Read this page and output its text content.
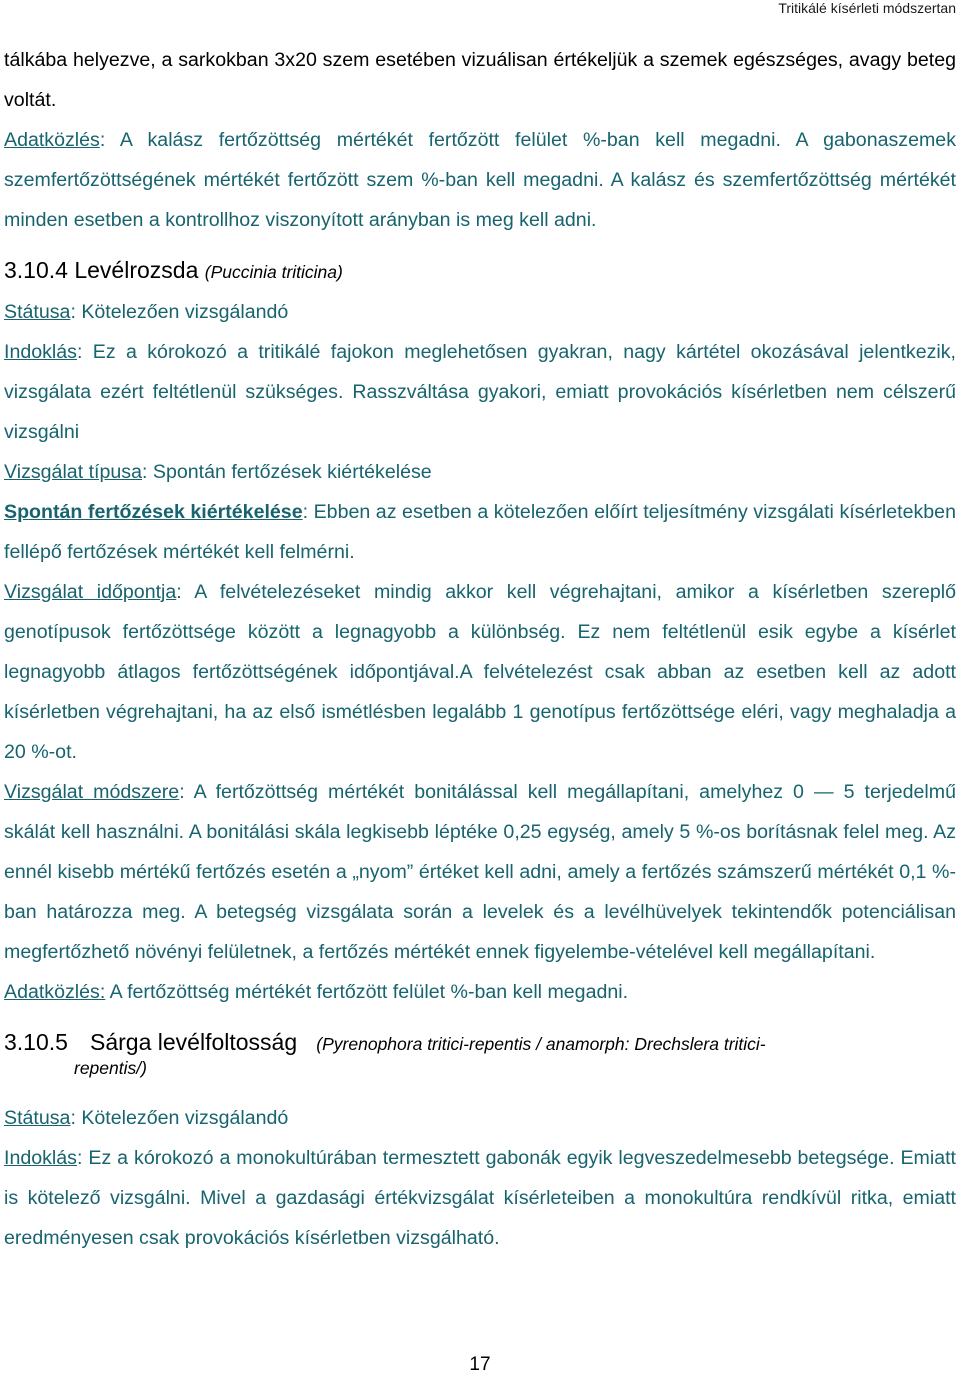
Tritikálé kísérleti módszertan

tálkába helyezve, a sarkokban 3x20 szem esetében vizuálisan értékeljük a szemek egészséges, avagy beteg voltát.

Adatközlés: A kalász fertőzöttség mértékét fertőzött felület %-ban kell megadni. A gabonaszemek szemfertőzöttségének mértékét fertőzött szem %-ban kell megadni. A kalász és szemfertőzöttség mértékét minden esetben a kontrollhoz viszonyított arányban is meg kell adni.

3.10.4 Levélrozsda (Puccinia triticina)

Státusa: Kötelezően vizsgálandó

Indoklás: Ez a kórokozó a tritikálé fajokon meglehetősen gyakran, nagy kártétel okozásával jelentkezik, vizsgálata ezért feltétlenül szükséges. Rasszváltása gyakori, emiatt provokációs kísérletben nem célszerű vizsgálni

Vizsgálat típusa: Spontán fertőzések kiértékelése

Spontán fertőzések kiértékelése: Ebben az esetben a kötelezően előírt teljesítmény vizsgálati kísérletekben fellépő fertőzések mértékét kell felmérni.

Vizsgálat időpontja: A felvételezéseket mindig akkor kell végrehajtani, amikor a kísérletben szereplő genotípusok fertőzöttsége között a legnagyobb a különbség. Ez nem feltétlenül esik egybe a kísérlet legnagyobb átlagos fertőzöttségének időpontjával.A felvételezést csak abban az esetben kell az adott kísérletben végrehajtani, ha az első ismétlésben legalább 1 genotípus fertőzöttsége eléri, vagy meghaladja a 20 %-ot.

Vizsgálat módszere: A fertőzöttség mértékét bonitálással kell megállapítani, amelyhez 0 — 5 terjedelmű skálát kell használni. A bonitálási skála legkisebb léptéke 0,25 egység, amely 5 %-os borításnak felel meg. Az ennél kisebb mértékű fertőzés esetén a „nyom” értéket kell adni, amely a fertőzés számszerű mértékét 0,1 %-ban határozza meg. A betegség vizsgálata során a levelek és a levélhüvelyek tekintendők potenciálisan megfertőzhető növényi felületnek, a fertőzés mértékét ennek figyelembe-vételével kell megállapítani.

Adatközlés: A fertőzöttség mértékét fertőzött felület %-ban kell megadni.

3.10.5 Sárga levélfoltosság (Pyrenophora tritici-repentis / anamorph: Drechslera tritici-
repentis/)

Státusa: Kötelezően vizsgálandó

Indoklás: Ez a kórokozó a monokultúrában termesztett gabonák egyik legveszedelmesebb betegsége. Emiatt is kötelező vizsgálni. Mivel a gazdasági értékvizsgálat kísérleteiben a monokultúra rendkívül ritka, emiatt eredményesen csak provokációs kísérletben vizsgálható.

17
